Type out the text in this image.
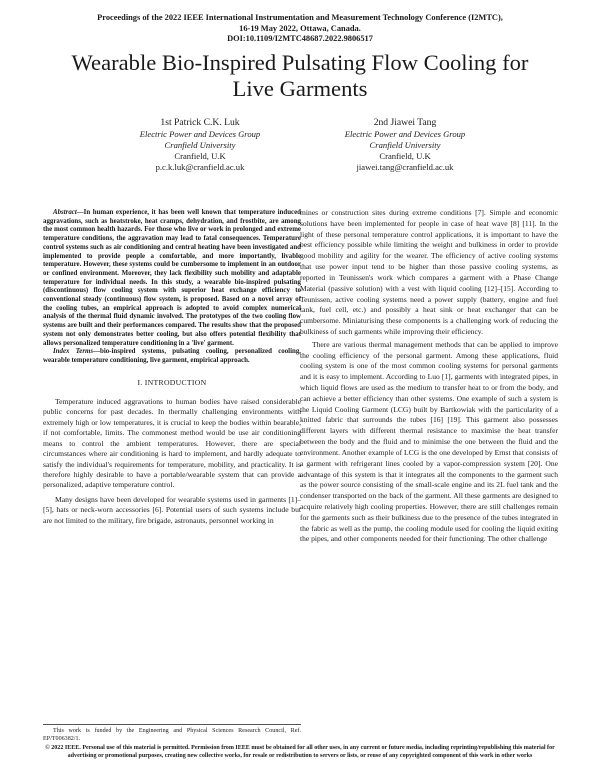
Proceedings of the 2022 IEEE International Instrumentation and Measurement Technology Conference (I2MTC),
16-19 May 2022, Ottawa, Canada.
DOI:10.1109/I2MTC48687.2022.9806517
Wearable Bio-Inspired Pulsating Flow Cooling for
Live Garments
1st Patrick C.K. Luk
Electric Power and Devices Group
Cranfield University
Cranfield, U.K
p.c.k.luk@cranfield.ac.uk
2nd Jiawei Tang
Electric Power and Devices Group
Cranfield University
Cranfield, U.K
jiawei.tang@cranfield.ac.uk

Abstract—In human experience, it has been well known that temperature induced aggravations, such as heatstroke, heat cramps, dehydration, and frostbite, are among the most common health hazards. For those who live or work in prolonged and extreme temperature conditions, the aggravation may lead to fatal consequences. Temperature control systems such as air conditioning and central heating have been investigated and implemented to provide people a comfortable, and more importantly, livable temperature. However, these systems could be cumbersome to implement in an outdoor or confined environment. Moreover, they lack flexibility such mobility and adaptable temperature for individual needs. In this study, a wearable bio-inspired pulsating (discontinuous) flow cooling system with superior heat exchange efficiency to conventional steady (continuous) flow system, is proposed. Based on a novel array of the cooling tubes, an empirical approach is adopted to avoid complex numerical analysis of the thermal fluid dynamic involved. The prototypes of the two cooling flow systems are built and their performances compared. The results show that the proposed system not only demonstrates better cooling, but also offers potential flexibility that allows personalized temperature conditioning in a 'live' garment.

Index Terms—bio-inspired systems, pulsating cooling, personalized cooling, wearable temperature conditioning, live garment, empirical approach.

I. INTRODUCTION

Temperature induced aggravations to human bodies have raised considerable public concerns for past decades. In thermally challenging environments with extremely high or low temperatures, it is crucial to keep the bodies within bearable, if not comfortable, limits. The commonest method would be use air conditioning means to control the ambient temperatures. However, there are special circumstances where air conditioning is hard to implement, and hardly adequate to satisfy the individual's requirements for temperature, mobility, and practicality. It is therefore highly desirable to have a portable/wearable system that can provide a personalized, adaptive temperature control.

Many designs have been developed for wearable systems used in garments [1]–[5], hats or neck-worn accessories [6]. Potential users of such systems include but are not limited to the military, fire brigade, astronauts, personnel working in

This work is funded by the Engineering and Physical Sciences Research Council, Ref. EP/T006382/1.

mines or construction sites during extreme conditions [7]. Simple and economic solutions have been implemented for people in case of heat wave [8] [11]. In the light of these personal temperature control applications, it is important to have the best efficiency possible while limiting the weight and bulkiness in order to provide good mobility and agility for the wearer. The efficiency of active cooling systems that use power input tend to be higher than those passive cooling systems, as reported in Teunissen's work which compares a garment with a Phase Change Material (passive solution) with a vest with liquid cooling [12]–[15]. According to Teunissen, active cooling systems need a power supply (battery, engine and fuel tank, fuel cell, etc.) and possibly a heat sink or heat exchanger that can be cumbersome. Miniaturising these components is a challenging work of reducing the bulkiness of such garments while improving their efficiency.

There are various thermal management methods that can be applied to improve the cooling efficiency of the personal garment. Among these applications, fluid cooling system is one of the most common cooling systems for personal garments and it is easy to implement. According to Luo [1], garments with integrated pipes, in which liquid flows are used as the medium to transfer heat to or from the body, and can achieve a better efficiency than other systems. One example of such a system is the Liquid Cooling Garment (LCG) built by Bartkowiak with the particularity of a knitted fabric that surrounds the tubes [16] [19]. This garment also possesses different layers with different thermal resistance to maximise the heat transfer between the body and the fluid and to minimise the one between the fluid and the environment. Another example of LCG is the one developed by Ernst that consists of a garment with refrigerant lines cooled by a vapor-compression system [20]. One advantage of this system is that it integrates all the components to the garment such as the power source consisting of the small-scale engine and its 2L fuel tank and the condenser transported on the back of the garment. All these garments are designed to acquire relatively high cooling properties. However, there are still challenges remain for the garments such as their bulkiness due to the presence of the tubes integrated in the fabric as well as the pump, the cooling module used for cooling the liquid exiting the pipes, and other components needed for their functioning. The other challenge

© 2022 IEEE. Personal use of this material is permitted. Permission from IEEE must be obtained for all other uses, in any current or future media, including reprinting/republishing this material for advertising or promotional purposes, creating new collective works, for resale or redistribution to servers or lists, or reuse of any copyrighted component of this work in other works
